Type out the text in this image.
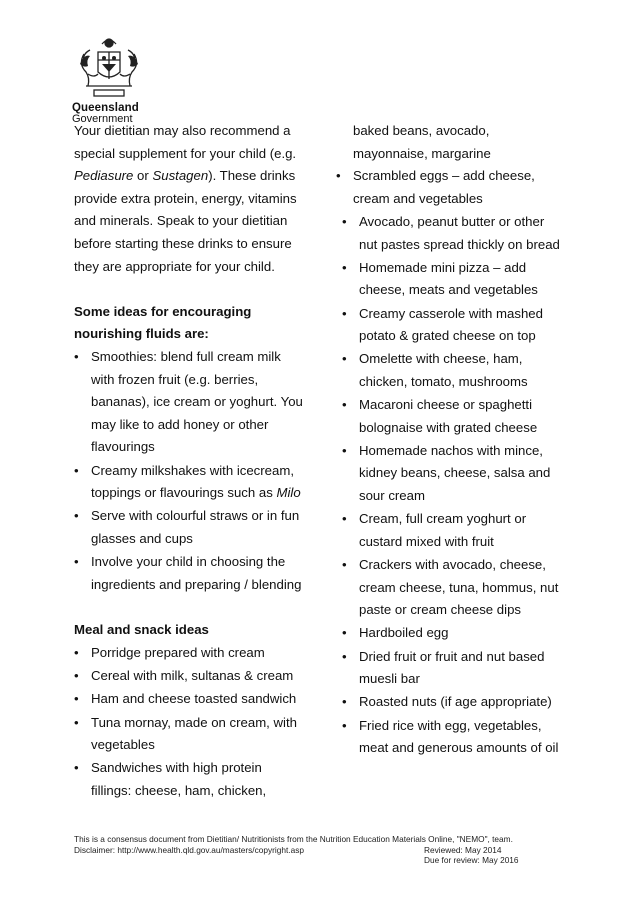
Queensland
Government

Your dietitian may also recommend a
special supplement for your child (e.g.
Pediasure or Sustagen). These drinks
provide extra protein, energy, vitamins
and minerals. Speak to your dietitian
before starting these drinks to ensure
they are appropriate for your child.

Some ideas for encouraging
nourishing fluids are:

• Smoothies: blend full cream milk
with frozen fruit (e.g. berries,
bananas), ice cream or yoghurt. You
may like to add honey or other
flavourings
• Creamy milkshakes with icecream,
toppings or flavourings such as Milo
• Serve with colourful straws or in fun
glasses and cups
• Involve your child in choosing the
ingredients and preparing / blending

Meal and snack ideas

• Porridge prepared with cream
• Cereal with milk, sultanas & cream
• Ham and cheese toasted sandwich
• Tuna mornay, made on cream, with
vegetables
• Sandwiches with high protein
fillings: cheese, ham, chicken,
baked beans, avocado,
mayonnaise, margarine
• Scrambled eggs – add cheese,
cream and vegetables
• Avocado, peanut butter or other
nut pastes spread thickly on bread
• Homemade mini pizza – add
cheese, meats and vegetables
• Creamy casserole with mashed
potato & grated cheese on top
• Omelette with cheese, ham,
chicken, tomato, mushrooms
• Macaroni cheese or spaghetti
bolognaise with grated cheese
• Homemade nachos with mince,
kidney beans, cheese, salsa and
sour cream
• Cream, full cream yoghurt or
custard mixed with fruit
• Crackers with avocado, cheese,
cream cheese, tuna, hommus, nut
paste or cream cheese dips
• Hardboiled egg
• Dried fruit or fruit and nut based
muesli bar
• Roasted nuts (if age appropriate)
• Fried rice with egg, vegetables,
meat and generous amounts of oil
This is a consensus document from Dietitian/ Nutritionists from the Nutrition Education Materials Online, "NEMO", team.
Disclaimer: http://www.health.qld.gov.au/masters/copyright.asp	Reviewed: May 2014
Due for review: May 2016
